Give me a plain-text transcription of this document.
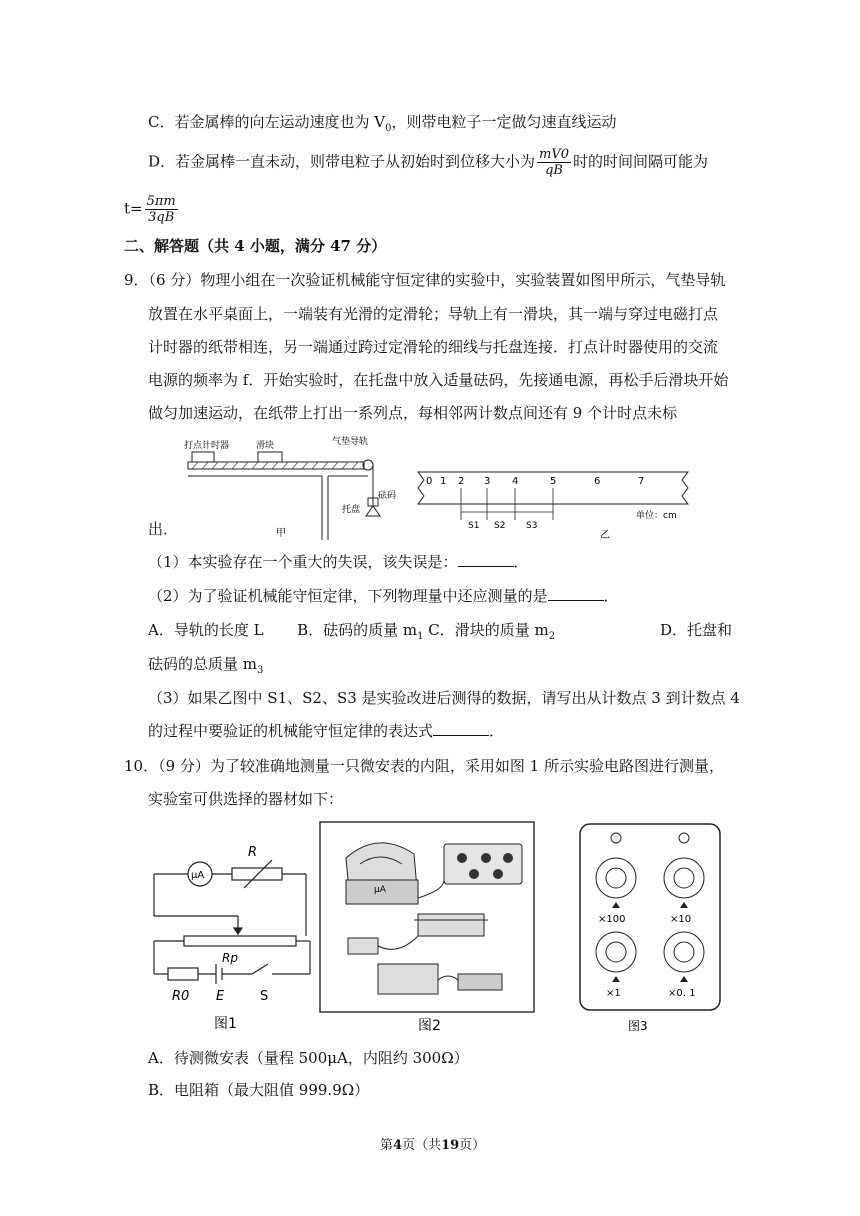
C．若金属棒的向左运动速度也为 $V_0$，则带电粒子一定做匀速直线运动
D．若金属棒一直未动，则带电粒子从初始时到位移大小为 $\frac{mV0}{qB}$ 时的时间间隔可能为
$t= \frac{5\pi m}{3qB}$
二、解答题（共 4 小题，满分 47 分）
9．（6 分）物理小组在一次验证机械能守恒定律的实验中，实验装置如图甲所示，气垫导轨
放置在水平桌面上，一端装有光滑的定滑轮；导轨上有一滑块，其一端与穿过电磁打点
计时器的纸带相连，另一端通过跨过定滑轮的细线与托盘连接．打点计时器使用的交流
电源的频率为 f．开始实验时，在托盘中放入适量砝码，先接通电源，再松手后滑块开始
做匀加速运动，在纸带上打出一系列点，每相邻两计数点间还有 9 个计时点未标
打点计时器	滑块	气垫导轨
托盘
砝码
甲
出．
0 1 2 3 4	5	6	7
S1 S2 S3
单位：cm
乙
（1）本实验存在一个重大的失误，该失误是：	．
（2）为了验证机械能守恒定律，下列物理量中还应测量的是	．
A．导轨的长度 L B．砝码的质量 $m_1$ C．滑块的质量 $m_2$	D．托盘和
砝码的总质量 $m_3$
（3）如果乙图中 S1、S2、S3 是实验改进后测得的数据，请写出从计数点 3 到计数点 4
的过程中要验证的机械能守恒定律的表达式	．
10．（9 分）为了较准确地测量一只微安表的内阻，采用如图 1 所示实验电路图进行测量，
实验室可供选择的器材如下：
μA
R
Rp
R0 E	S
图1
μA
图2
×100	×10
×1	×0. 1
图3
A．待测微安表（量程 500μA，内阻约 300Ω）
B．电阻箱（最大阻值 999.9Ω）
第4页（共19页）
